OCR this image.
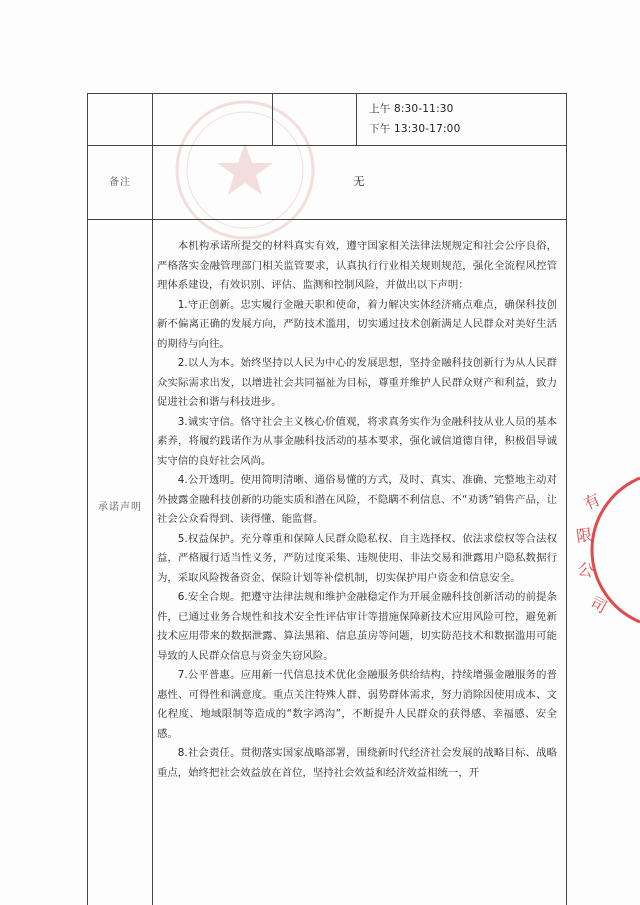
上午 8:30-11:30
下午 13:30-17:00
备注	无
承诺声明

本机构承诺所提交的材料真实有效，遵守国家相关法律法规规定和社会公序良俗，严格落实金融管理部门相关监管要求，认真执行行业相关规则规范，强化全流程风控管理体系建设，有效识别、评估、监测和控制风险，并做出以下声明：

1.守正创新。忠实履行金融天职和使命，着力解决实体经济痛点难点，确保科技创新不偏离正确的发展方向，严防技术滥用，切实通过技术创新满足人民群众对美好生活的期待与向往。

2.以人为本。始终坚持以人民为中心的发展思想，坚持金融科技创新行为从人民群众实际需求出发，以增进社会共同福祉为目标，尊重并维护人民群众财产和利益，致力促进社会和谐与科技进步。

3.诚实守信。恪守社会主义核心价值观，将求真务实作为金融科技从业人员的基本素养，将履约践诺作为从事金融科技活动的基本要求，强化诚信道德自律，积极倡导诚实守信的良好社会风尚。

4.公开透明。使用简明清晰、通俗易懂的方式，及时、真实、准确、完整地主动对外披露金融科技创新的功能实质和潜在风险，不隐瞒不利信息、不“劝诱”销售产品，让社会公众看得到、读得懂、能监督。

5.权益保护。充分尊重和保障人民群众隐私权、自主选择权、依法求偿权等合法权益，严格履行适当性义务，严防过度采集、违规使用、非法交易和泄露用户隐私数据行为，采取风险拨备资金、保险计划等补偿机制，切实保护用户资金和信息安全。

6.安全合规。把遵守法律法规和维护金融稳定作为开展金融科技创新活动的前提条件，已通过业务合规性和技术安全性评估审计等措施保障新技术应用风险可控，避免新技术应用带来的数据泄露、算法黑箱、信息茧房等问题，切实防范技术和数据滥用可能导致的人民群众信息与资金失窃风险。

7.公平普惠。应用新一代信息技术优化金融服务供给结构，持续增强金融服务的普惠性、可得性和满意度。重点关注特殊人群、弱势群体需求，努力消除因使用成本、文化程度、地域限制等造成的“数字鸿沟”，不断提升人民群众的获得感、幸福感、安全感。

8.社会责任。贯彻落实国家战略部署，围绕新时代经济社会发展的战略目标、战略重点，始终把社会效益放在首位，坚持社会效益和经济效益相统一，开

有
限
公
司
